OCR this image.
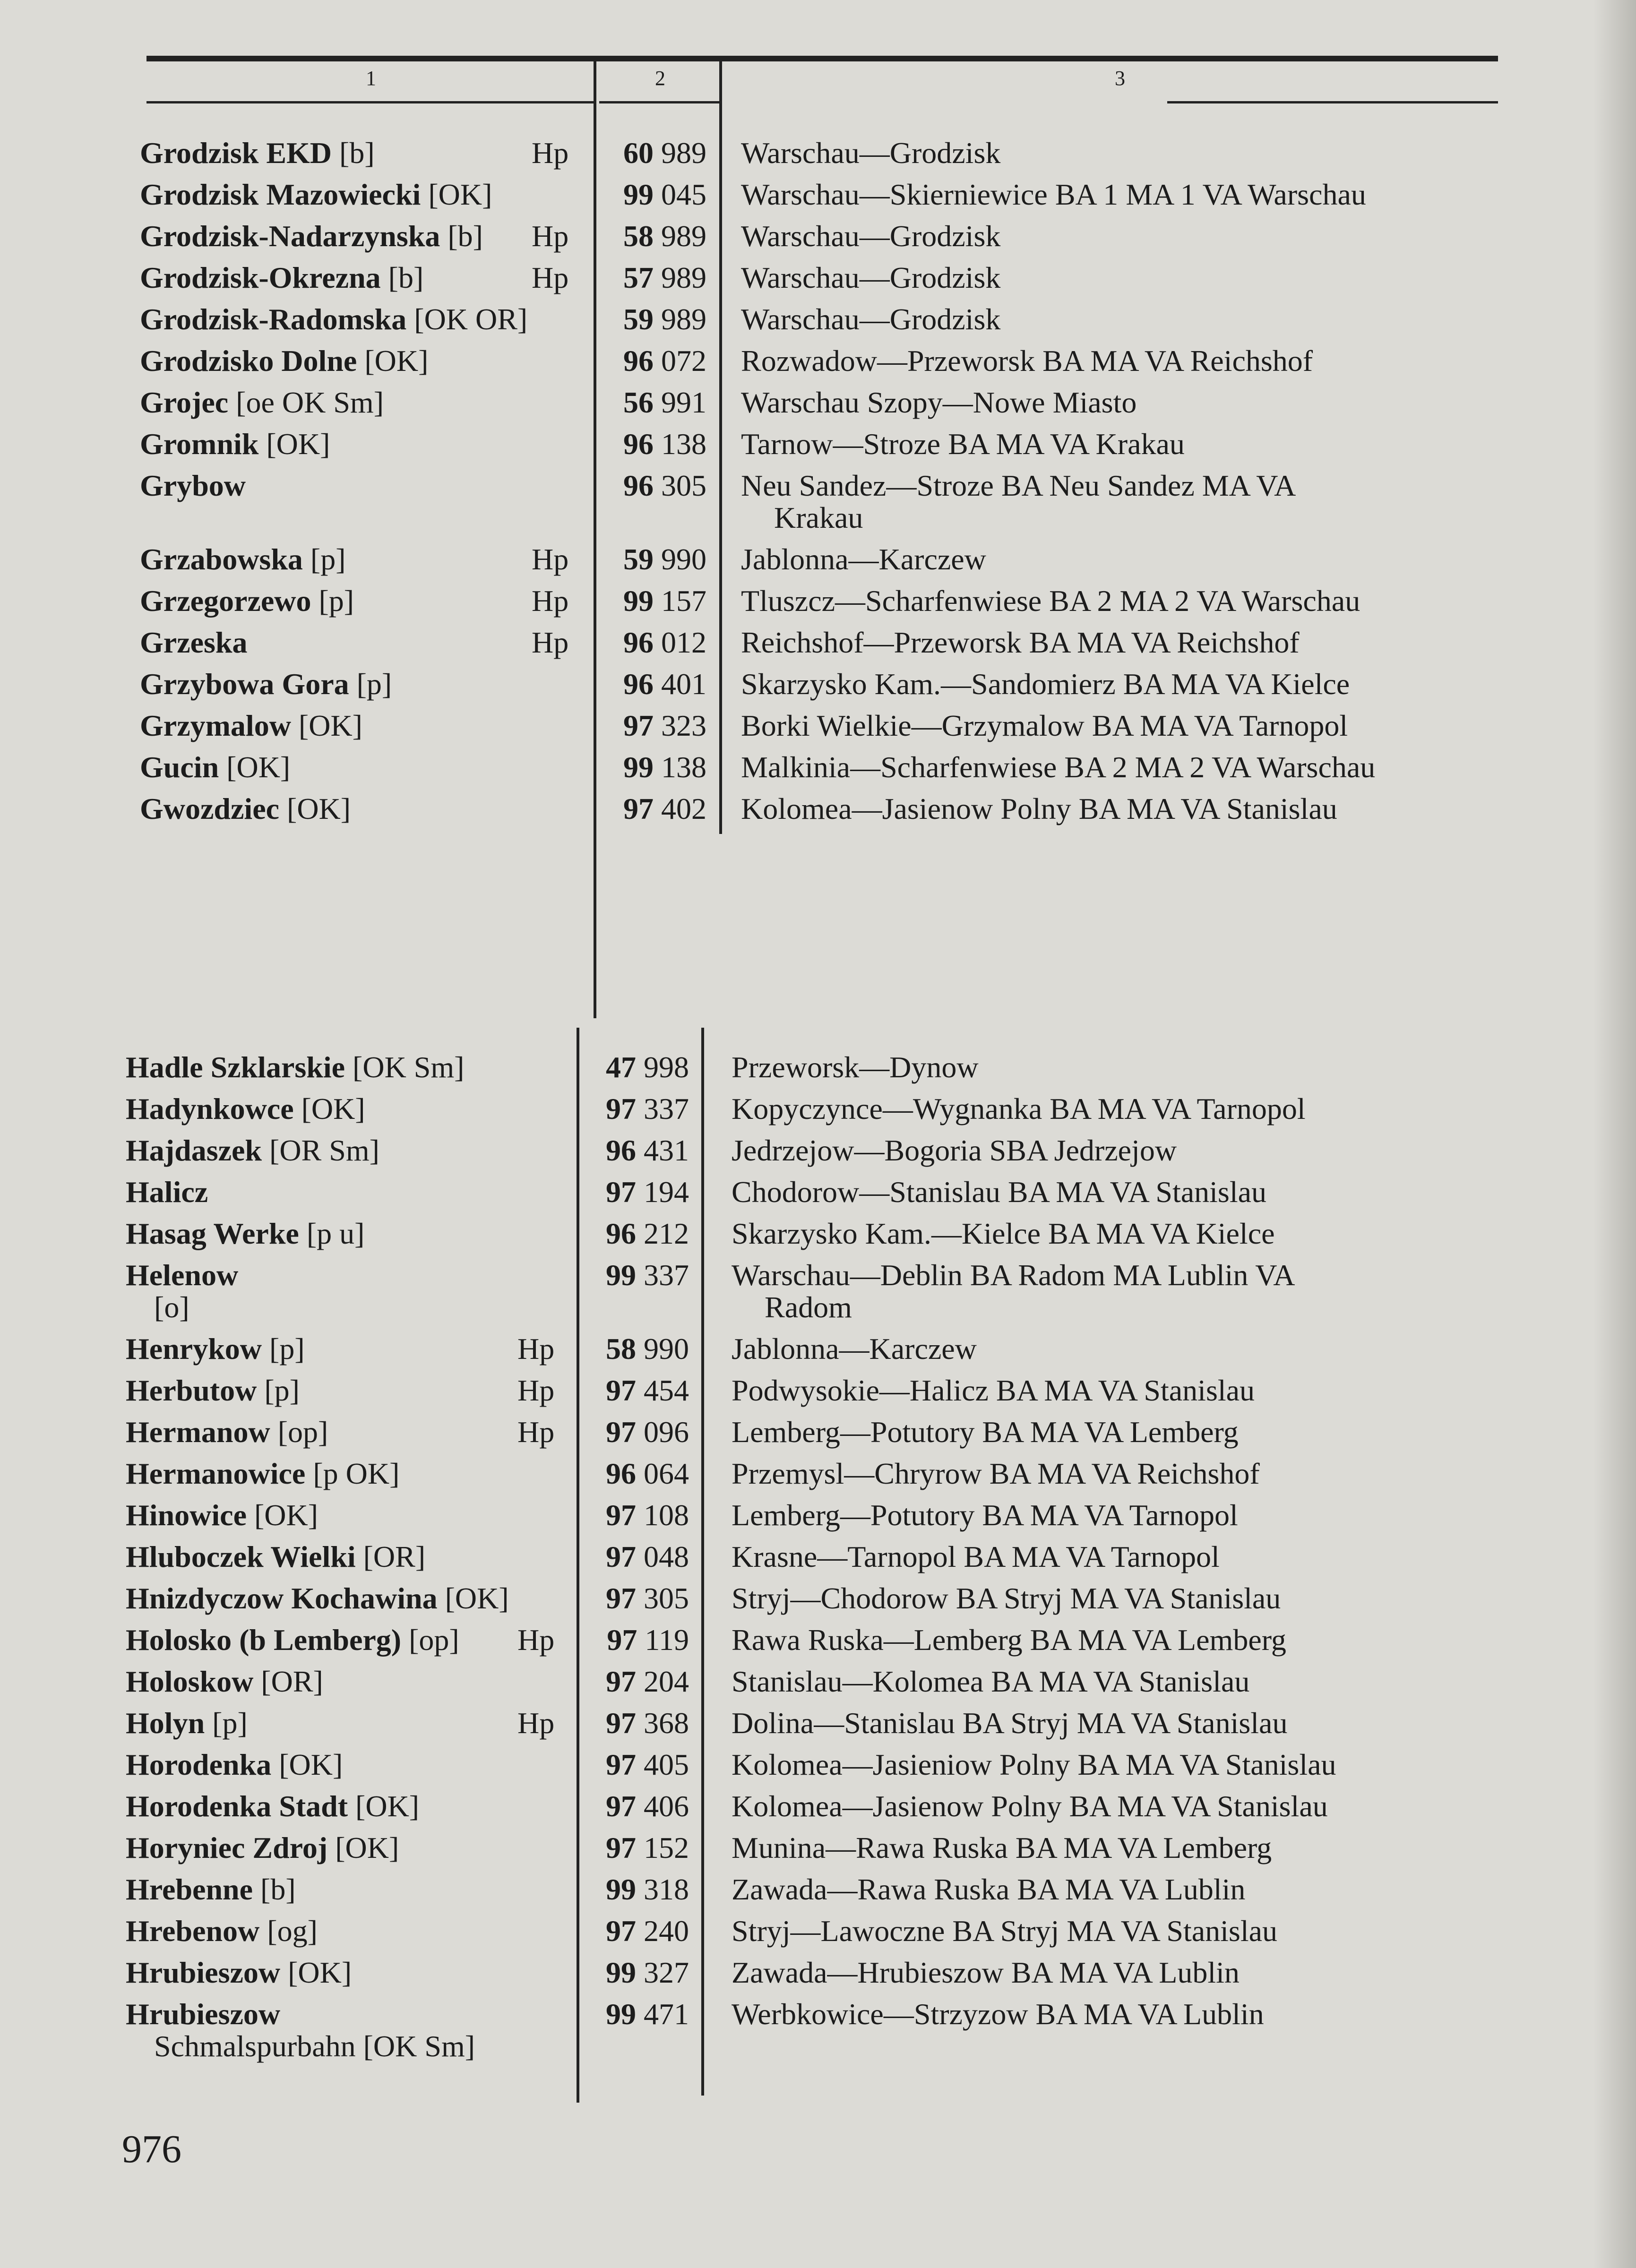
1	2	3
Grodzisk EKD [b]	Hp	60 989 Warschau—Grodzisk
Grodzisk Mazowiecki [OK]	99 045 Warschau—Skierniewice BA 1 MA 1 VA Warschau
Grodzisk-Nadarzynska [b] Hp	58 989 Warschau—Grodzisk
Grodzisk-Okrezna [b]	Hp	57 989 Warschau—Grodzisk
Grodzisk-Radomska [OK OR]	59 989 Warschau—Grodzisk
Grodzisko Dolne [OK]	96 072 Rozwadow—Przeworsk BA MA VA Reichshof
Grojec [oe OK Sm]	56 991 Warschau Szopy—Nowe Miasto
Gromnik [OK]	96 138 Tarnow—Stroze BA MA VA Krakau
Grybow	96 305 Neu Sandez—Stroze BA Neu Sandez MA VA
Krakau
Grzabowska [p]	Hp	59 990 Jablonna—Karczew
Grzegorzewo [p]	Hp	99 157 Tluszcz—Scharfenwiese BA 2 MA 2 VA Warschau
Grzeska	Hp	96 012 Reichshof—Przeworsk BA MA VA Reichshof
Grzybowa Gora [p]	96 401 Skarzysko Kam.—Sandomierz BA MA VA Kielce
Grzymalow [OK]	97 323 Borki Wielkie—Grzymalow BA MA VA Tarnopol
Gucin [OK]	99 138 Malkinia—Scharfenwiese BA 2 MA 2 VA Warschau
Gwozdziec [OK]	97 402 Kolomea—Jasienow Polny BA MA VA Stanislau
Hadle Szklarskie [OK Sm]	47 998 Przeworsk—Dynow
Hadynkowce [OK]	97 337 Kopyczynce—Wygnanka BA MA VA Tarnopol
Hajdaszek [OR Sm]	96 431 Jedrzejow—Bogoria SBA Jedrzejow
Halicz	97 194 Chodorow—Stanislau BA MA VA Stanislau
Hasag Werke [p u]	96 212 Skarzysko Kam.—Kielce BA MA VA Kielce
Helenow	99 337 Warschau—Deblin BA Radom MA Lublin VA
Radom
[o]
Henrykow [p]	Hp	58 990 Jablonna—Karczew
Herbutow [p]	Hp	97 454 Podwysokie—Halicz BA MA VA Stanislau
Hermanow [op]	Hp	97 096 Lemberg—Potutory BA MA VA Lemberg
Hermanowice [p OK]	96 064 Przemysl—Chryrow BA MA VA Reichshof
Hinowice [OK]	97 108 Lemberg—Potutory BA MA VA Tarnopol
Hluboczek Wielki [OR]	97 048 Krasne—Tarnopol BA MA VA Tarnopol
Hnizdyczow Kochawina [OK]	97 305 Stryj—Chodorow BA Stryj MA VA Stanislau
Holosko (b Lemberg) [op] Hp	97 119 Rawa Ruska—Lemberg BA MA VA Lemberg
Holoskow [OR]	97 204 Stanislau—Kolomea BA MA VA Stanislau
Holyn [p]	Hp	97 368 Dolina—Stanislau BA Stryj MA VA Stanislau
Horodenka [OK]	97 405 Kolomea—Jasieniow Polny BA MA VA Stanislau
Horodenka Stadt [OK]	97 406 Kolomea—Jasienow Polny BA MA VA Stanislau
Horyniec Zdroj [OK]	97 152 Munina—Rawa Ruska BA MA VA Lemberg
Hrebenne [b]	99 318 Zawada—Rawa Ruska BA MA VA Lublin
Hrebenow [og]	97 240 Stryj—Lawoczne BA Stryj MA VA Stanislau
Hrubieszow [OK]	99 327 Zawada—Hrubieszow BA MA VA Lublin
Hrubieszow	99 471 Werbkowice—Strzyzow BA MA VA Lublin
Schmalspurbahn [OK Sm]
976
